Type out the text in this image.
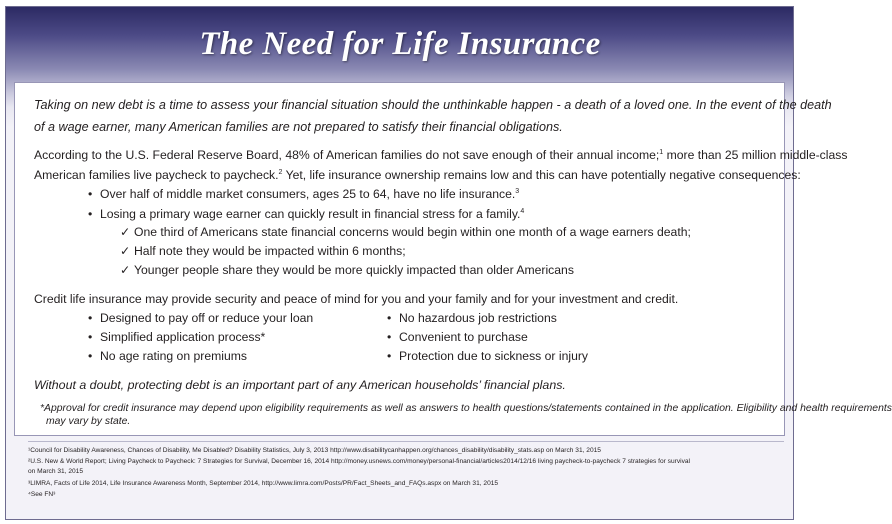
The Need for Life Insurance
Taking on new debt is a time to assess your financial situation should the unthinkable happen - a death of a loved one. In the event of the death
of a wage earner, many American families are not prepared to satisfy their financial obligations.
According to the U.S. Federal Reserve Board, 48% of American families do not save enough of their annual income;$^1$ more than 25 million middle-class
American families live paycheck to paycheck.$^2$ Yet, life insurance ownership remains low and this can have potentially negative consequences:
• Over half of middle market consumers, ages 25 to 64, have no life insurance.$^3$
• Losing a primary wage earner can quickly result in financial stress for a family.$^4$
✓ One third of Americans state financial concerns would begin within one month of a wage earners death;
✓ Half note they would be impacted within 6 months;
✓ Younger people share they would be more quickly impacted than older Americans
Credit life insurance may provide security and peace of mind for you and your family and for your investment and credit.
• Designed to pay off or reduce your loan
• Simplified application process*
• No age rating on premiums
• No hazardous job restrictions
• Convenient to purchase
• Protection due to sickness or injury
Without a doubt, protecting debt is an important part of any American households’ financial plans.
*Approval for credit insurance may depend upon eligibility requirements as well as answers to health questions/statements contained in the application. Eligibility and health requirements
may vary by state.
¹Council for Disability Awareness, Chances of Disability, Me Disabled? Disability Statistics, July 3, 2013 http://www.disabilitycanhappen.org/chances_disability/disability_stats.asp on March 31, 2015
²U.S. New & World Report; Living Paycheck to Paycheck: 7 Strategies for Survival, December 16, 2014 http://money.usnews.com/money/personal-financial/articles2014/12/16 living paycheck-to-paycheck 7 strategies for survival
on March 31, 2015
³LIMRA, Facts of Life 2014, Life Insurance Awareness Month, September 2014, http://www.limra.com/Posts/PR/Fact_Sheets_and_FAQs.aspx on March 31, 2015
⁴See FN³
